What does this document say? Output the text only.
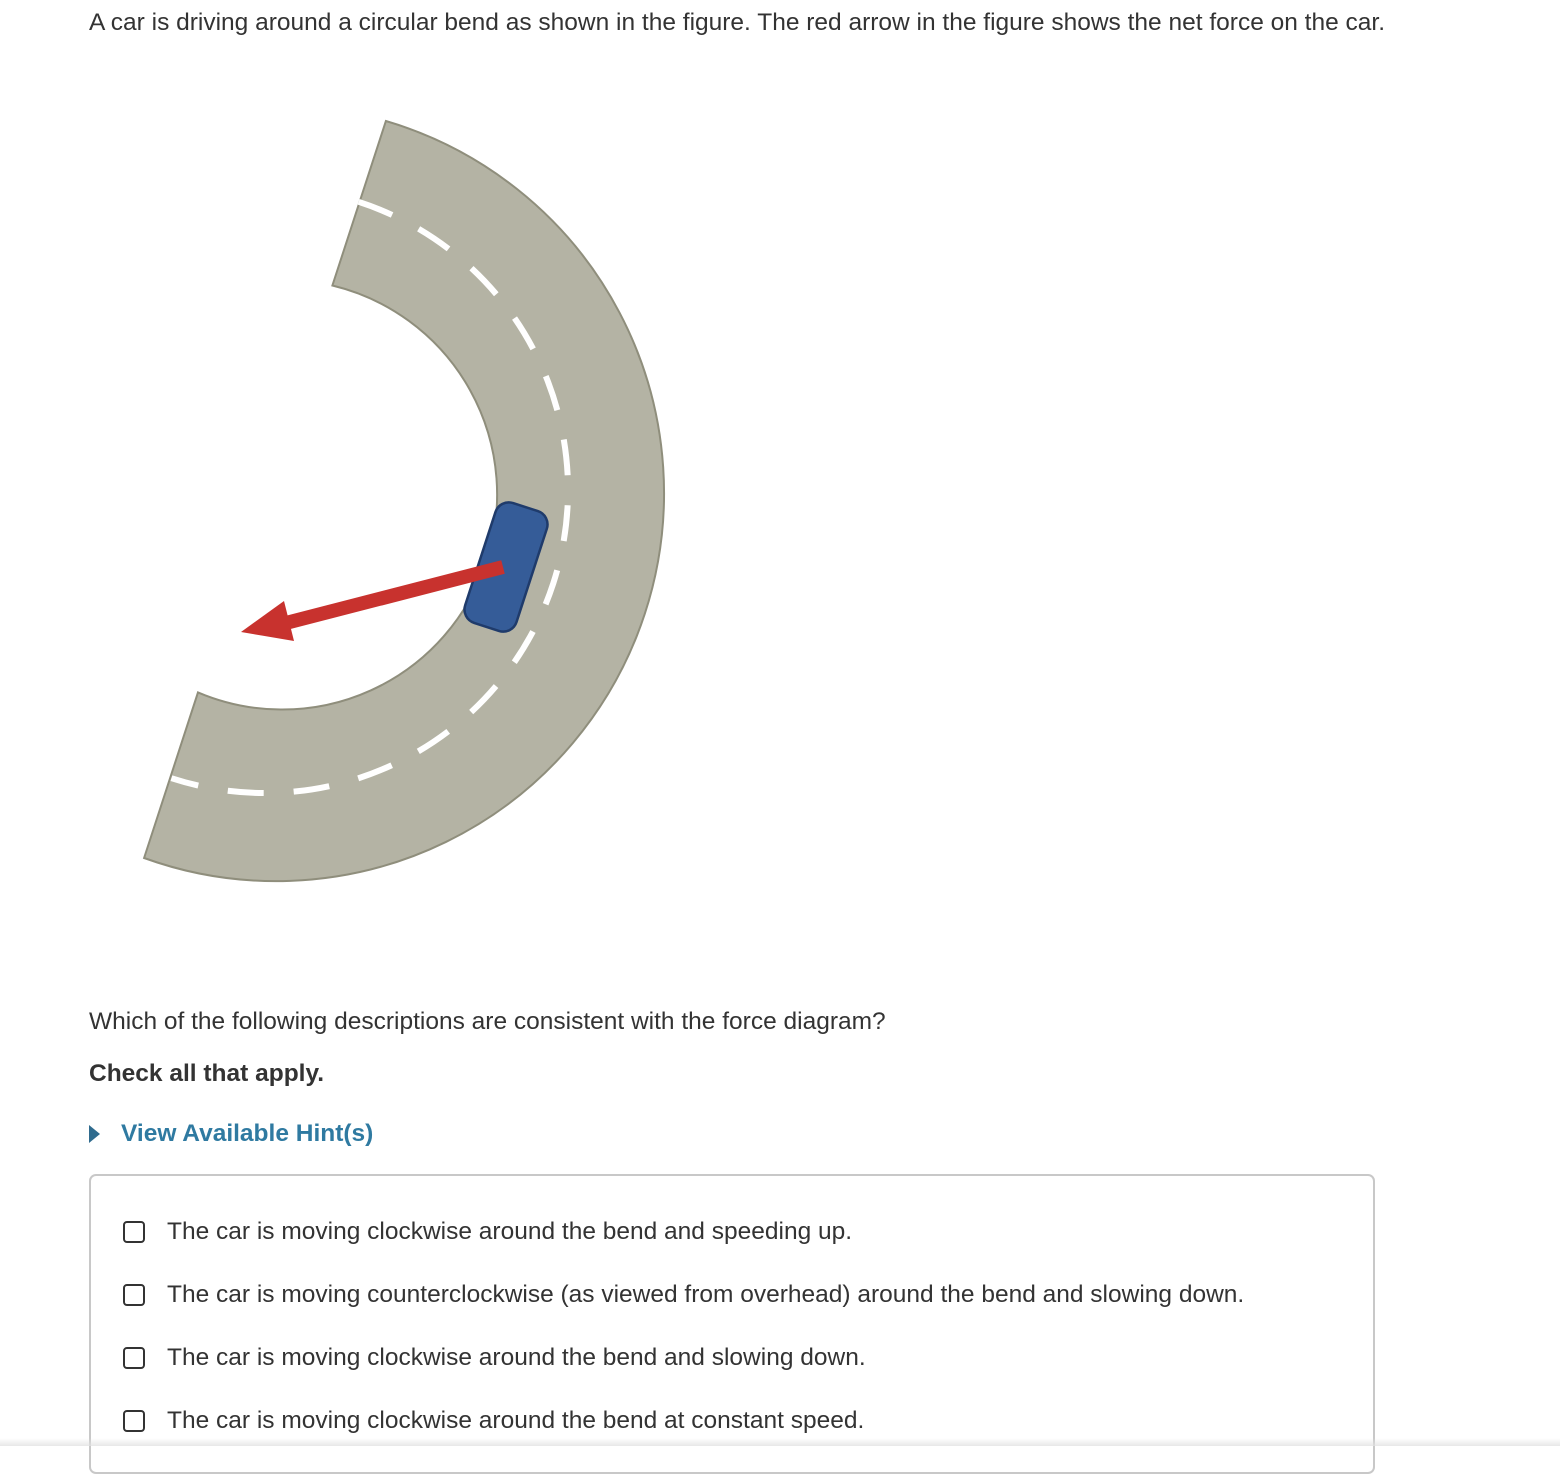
A car is driving around a circular bend as shown in the figure. The red arrow in the figure shows the net force on the car.

Which of the following descriptions are consistent with the force diagram?

Check all that apply.

View Available Hint(s)
The car is moving clockwise around the bend and speeding up.
The car is moving counterclockwise (as viewed from overhead) around the bend and slowing down.
The car is moving clockwise around the bend and slowing down.
The car is moving clockwise around the bend at constant speed.
